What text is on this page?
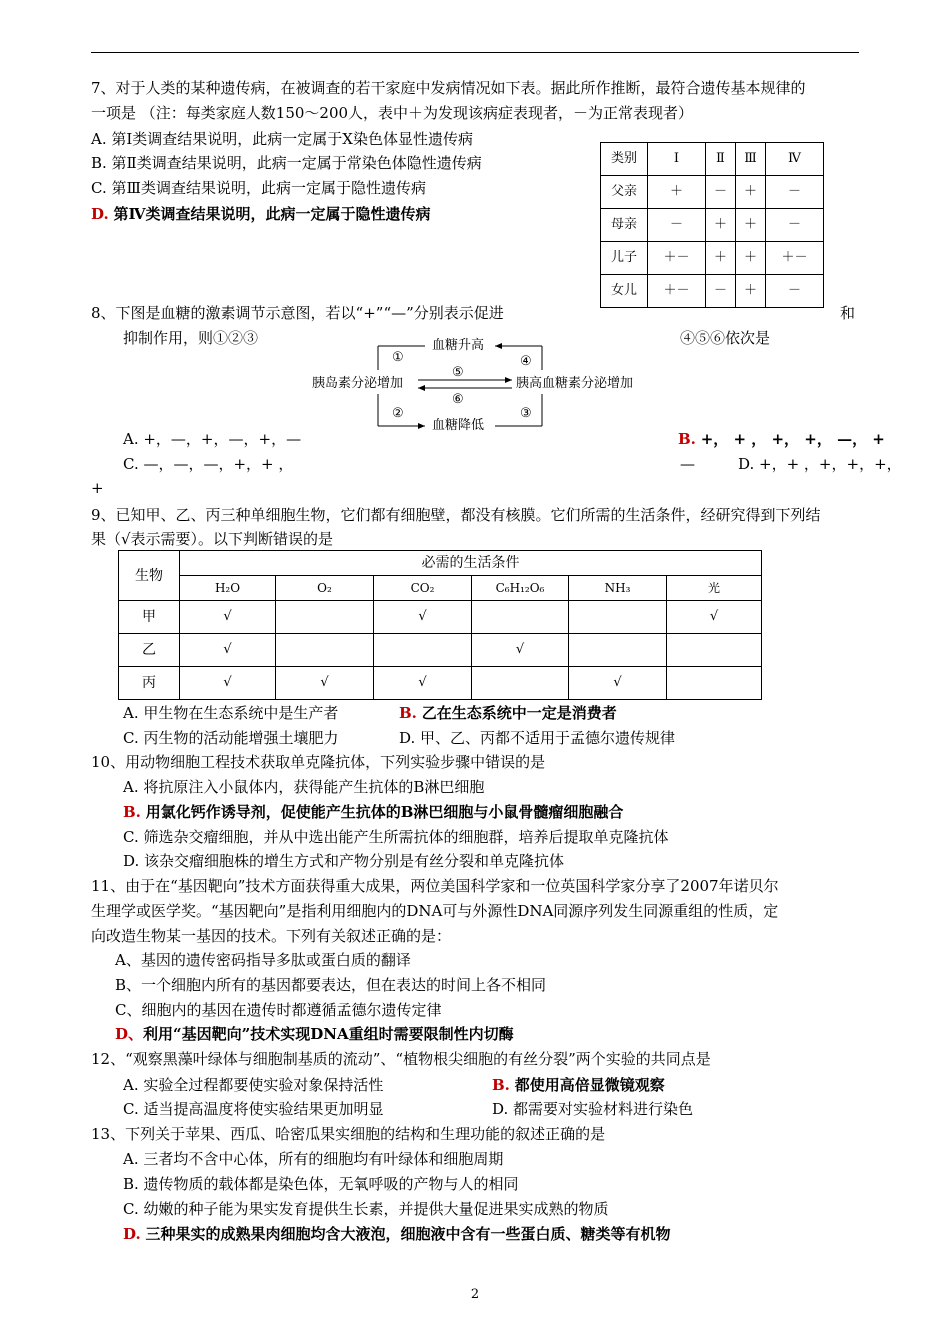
7、对于人类的某种遗传病，在被调查的若干家庭中发病情况如下表。据此所作推断，最符合遗传基本规律的
一项是 （注：每类家庭人数150～200人，表中＋为发现该病症表现者，－为正常表现者）
A. 第Ⅰ类调查结果说明，此病一定属于X染色体显性遗传病
B. 第Ⅱ类调查结果说明，此病一定属于常染色体隐性遗传病
C. 第Ⅲ类调查结果说明，此病一定属于隐性遗传病
D. 第Ⅳ类调查结果说明，此病一定属于隐性遗传病
类别	Ⅰ	Ⅱ	Ⅲ	Ⅳ
父亲	＋	－	＋	－
母亲	－	＋	＋	－
儿子	＋－	＋	＋	＋－
女儿	＋－	－	＋	－
8、下图是血糖的激素调节示意图，若以“+”“—”分别表示促进	和
抑制作用，则①②③	④⑤⑥依次是
血糖升高
血糖降低
胰岛素分泌增加	胰高血糖素分泌增加
①
②	③
④
⑤
⑥
A. +，—，+，—，+，—	B. +， + ， +， +， —， +
C. —，—，—，+，+ ，	—	D. +，+ ，+，+，+，
+
9、已知甲、乙、丙三种单细胞生物，它们都有细胞壁，都没有核膜。它们所需的生活条件，经研究得到下列结
果（√表示需要）。以下判断错误的是
生物	必需的生活条件					
	H₂O	O₂	CO₂	C₆H₁₂O₆	NH₃	光
甲	√		√			√
乙	√			√		
丙	√	√	√		√	
A. 甲生物在生态系统中是生产者	B. 乙在生态系统中一定是消费者
C. 丙生物的活动能增强土壤肥力	D. 甲、乙、丙都不适用于孟德尔遗传规律
10、用动物细胞工程技术获取单克隆抗体，下列实验步骤中错误的是
A. 将抗原注入小鼠体内，获得能产生抗体的B淋巴细胞
B. 用氯化钙作诱导剂，促使能产生抗体的B淋巴细胞与小鼠骨髓瘤细胞融合
C. 筛选杂交瘤细胞，并从中选出能产生所需抗体的细胞群，培养后提取单克隆抗体
D. 该杂交瘤细胞株的增生方式和产物分别是有丝分裂和单克隆抗体
11、由于在“基因靶向”技术方面获得重大成果，两位美国科学家和一位英国科学家分享了2007年诺贝尔
生理学或医学奖。“基因靶向”是指利用细胞内的DNA可与外源性DNA同源序列发生同源重组的性质，定
向改造生物某一基因的技术。下列有关叙述正确的是：
A、基因的遗传密码指导多肽或蛋白质的翻译
B、一个细胞内所有的基因都要表达，但在表达的时间上各不相同
C、细胞内的基因在遗传时都遵循孟德尔遗传定律
D、利用“基因靶向”技术实现DNA重组时需要限制性内切酶
12、“观察黑藻叶绿体与细胞制基质的流动”、“植物根尖细胞的有丝分裂”两个实验的共同点是
A. 实验全过程都要使实验对象保持活性	B. 都使用高倍显微镜观察
C. 适当提高温度将使实验结果更加明显	D. 都需要对实验材料进行染色
13、下列关于苹果、西瓜、哈密瓜果实细胞的结构和生理功能的叙述正确的是
A. 三者均不含中心体，所有的细胞均有叶绿体和细胞周期
B. 遗传物质的载体都是染色体，无氧呼吸的产物与人的相同
C. 幼嫩的种子能为果实发育提供生长素，并提供大量促进果实成熟的物质
D. 三种果实的成熟果肉细胞均含大液泡，细胞液中含有一些蛋白质、糖类等有机物
2
